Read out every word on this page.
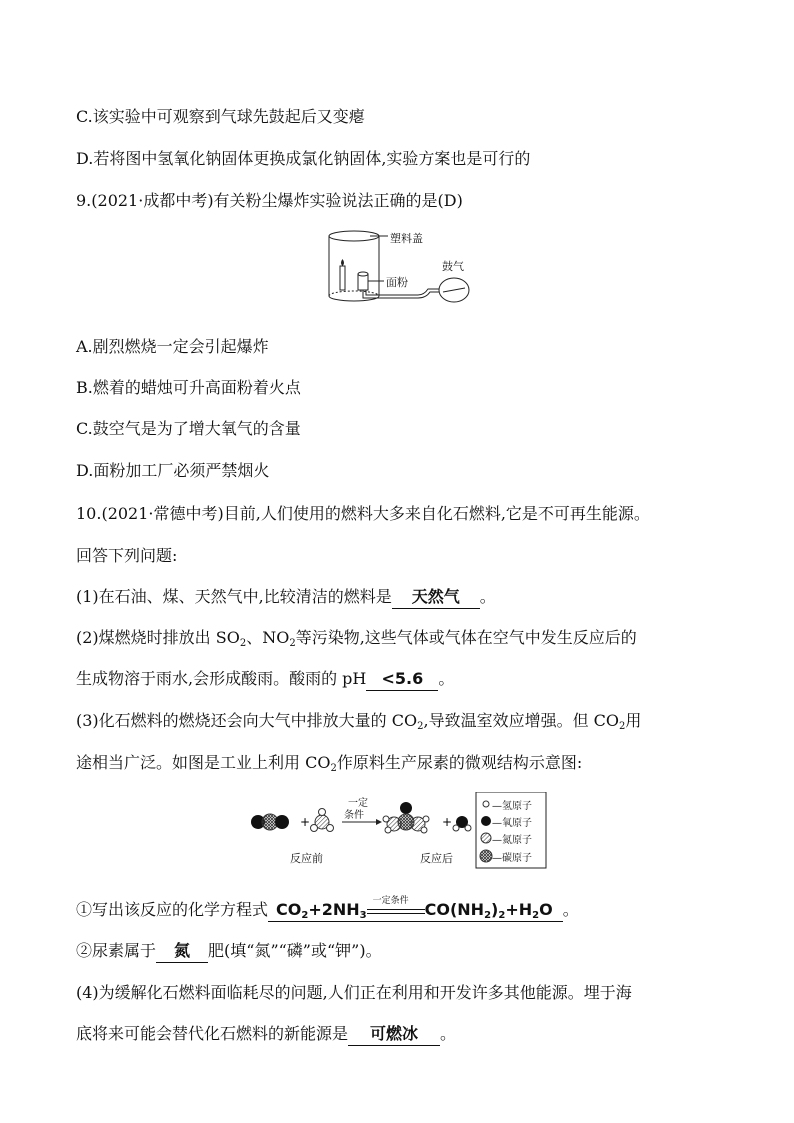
C.该实验中可观察到气球先鼓起后又变瘪
D.若将图中氢氧化钠固体更换成氯化钠固体,实验方案也是可行的
9.(2021·成都中考)有关粉尘爆炸实验说法正确的是(D)
塑料盖
面粉
鼓气
A.剧烈燃烧一定会引起爆炸
B.燃着的蜡烛可升高面粉着火点
C.鼓空气是为了增大氧气的含量
D.面粉加工厂必须严禁烟火
10.(2021·常德中考)目前,人们使用的燃料大多来自化石燃料,它是不可再生能源。
回答下列问题:
(1)在石油、煤、天然气中,比较清洁的燃料是 天然气 。
(2)煤燃烧时排放出 $SO_2$、$NO_2$等污染物,这些气体或气体在空气中发生反应后的
生成物溶于雨水,会形成酸雨。酸雨的 pH <5.6 。
(3)化石燃料的燃烧还会向大气中排放大量的 $CO_2$,导致温室效应增强。但 $CO_2$用
途相当广泛。如图是工业上利用 $CO_2$作原料生产尿素的微观结构示意图:
+	+
一定
条件
反应前	反应后
—氢原子
—氧原子
—氮原子
—碳原子
①写出该反应的化学方程式 $CO_2+2NH_3$
一定条件 $CO(NH_2)_2+H_2O$ 。
②尿素属于 氮 肥(填“氮”“磷”或“钾”)。
(4)为缓解化石燃料面临耗尽的问题,人们正在利用和开发许多其他能源。埋于海
底将来可能会替代化石燃料的新能源是 可燃冰 。
